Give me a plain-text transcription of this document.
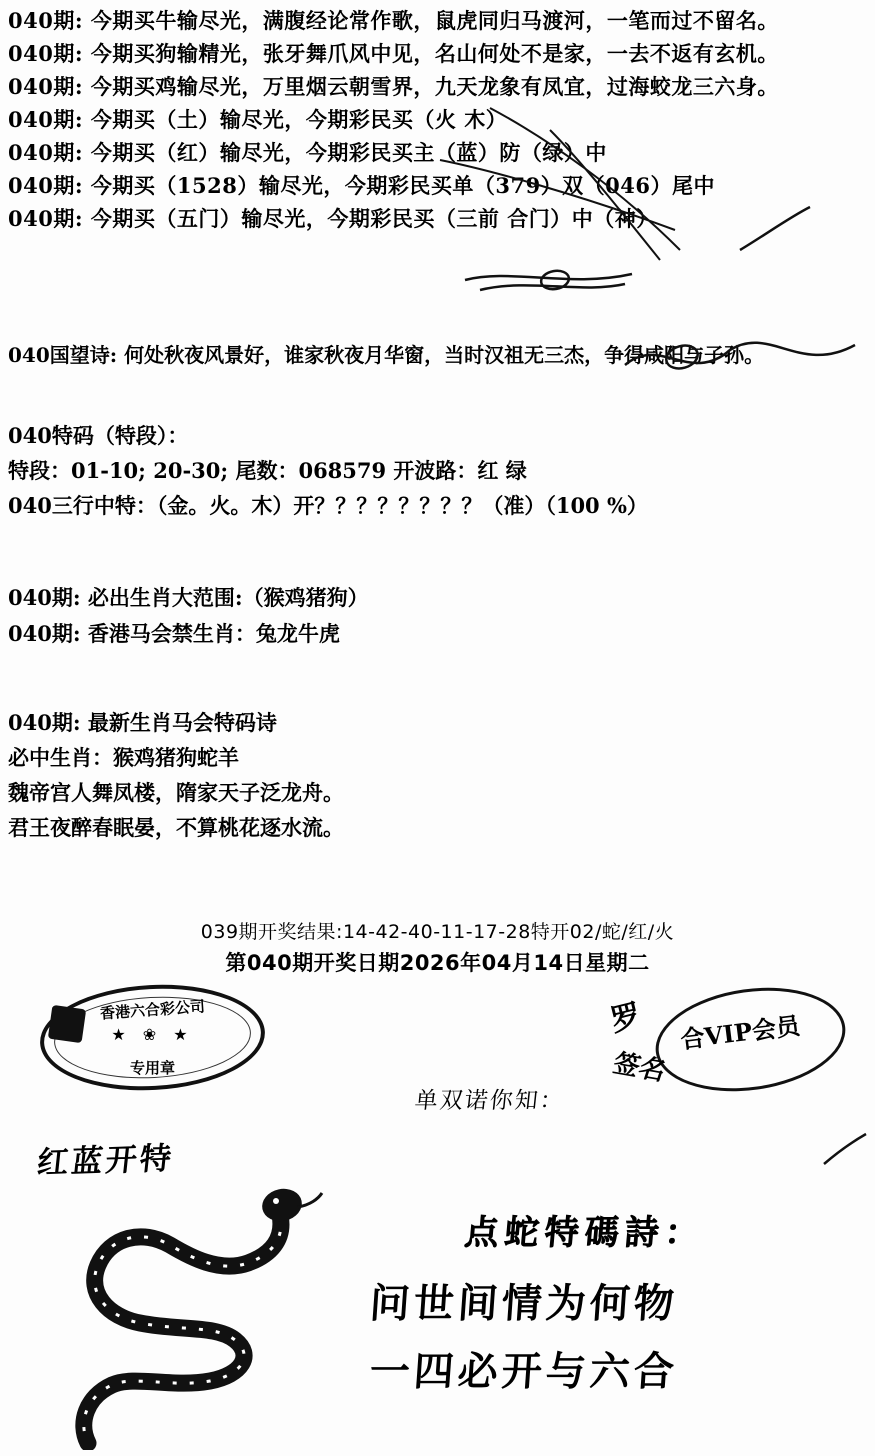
040期: 今期买牛输尽光，满腹经论常作歌，鼠虎同归马渡河，一笔而过不留名。
040期: 今期买狗输精光，张牙舞爪风中见，名山何处不是家，一去不返有玄机。
040期: 今期买鸡输尽光，万里烟云朝雪界，九天龙象有凤宜，过海蛟龙三六身。
040期: 今期买（土）输尽光，今期彩民买（火 木）
040期: 今期买（红）输尽光，今期彩民买主（蓝）防（绿）中
040期: 今期买（1528）输尽光，今期彩民买单（379）双（046）尾中
040期: 今期买（五门）输尽光，今期彩民买（三前 合门）中（神）
040国望诗: 何处秋夜风景好，谁家秋夜月华窗，当时汉祖无三杰，争得咸阳与子孙。
040特码（特段）：
特段：01-10; 20-30; 尾数：068579 开波路：红 绿
040三行中特：（金。火。木）开？？？？？？？？（准）（100 %）
040期: 必出生肖大范围:（猴鸡猪狗）
040期: 香港马会禁生肖：兔龙牛虎
040期: 最新生肖马会特码诗
必中生肖：猴鸡猪狗蛇羊
魏帝宫人舞凤楼，隋家天子泛龙舟。
君王夜醉春眠晏，不算桃花逐水流。
039期开奖结果:14-42-40-11-17-28特开02/蛇/红/火
第040期开奖日期2026年04月14日星期二
香港六合彩公司
★ ❀ ★
专用章
罗 合VIP会员
签名
单双诺你知：
红蓝开特
点蛇特碼詩：
问世间情为何物
一四必开与六合
